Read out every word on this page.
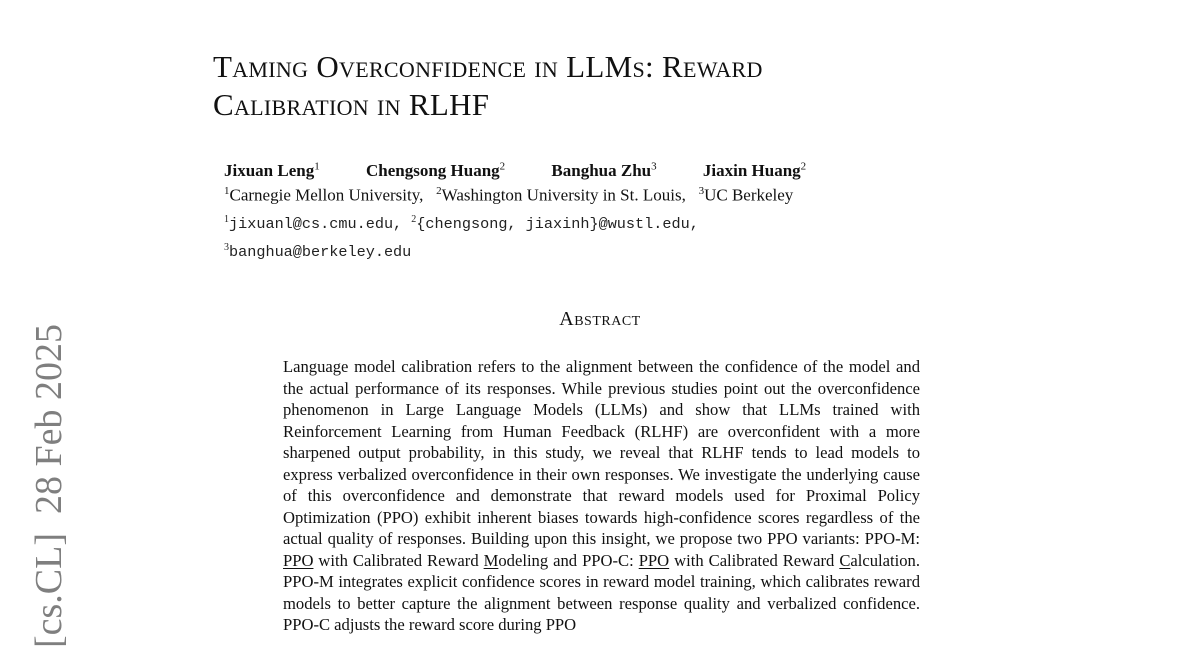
[cs.CL]  28 Feb 2025
Taming Overconfidence in LLMs: Reward
Calibration in RLHF
Jixuan Leng$^1$	Chengsong Huang$^2$	Banghua Zhu$^3$	Jiaxin Huang$^2$
$^1$Carnegie Mellon University, $^2$Washington University in St. Louis, $^3$UC Berkeley
$^1$jixuanl@cs.cmu.edu, $^2${chengsong, jiaxinh}@wustl.edu,
$^3$banghua@berkeley.edu
Abstract
Language model calibration refers to the alignment between the confidence of the model and the actual performance of its responses. While previous studies point out the overconfidence phenomenon in Large Language Models (LLMs) and show that LLMs trained with Reinforcement Learning from Human Feedback (RLHF) are overconfident with a more sharpened output probability, in this study, we reveal that RLHF tends to lead models to express verbalized overconfidence in their own responses. We investigate the underlying cause of this overconfidence and demonstrate that reward models used for Proximal Policy Optimization (PPO) exhibit inherent biases towards high-confidence scores regardless of the actual quality of responses. Building upon this insight, we propose two PPO variants: PPO-M: PPO with Calibrated Reward Modeling and PPO-C: PPO with Calibrated Reward Calculation. PPO-M integrates explicit confidence scores in reward model training, which calibrates reward models to better capture the alignment between response quality and verbalized confidence. PPO-C adjusts the reward score during PPO
